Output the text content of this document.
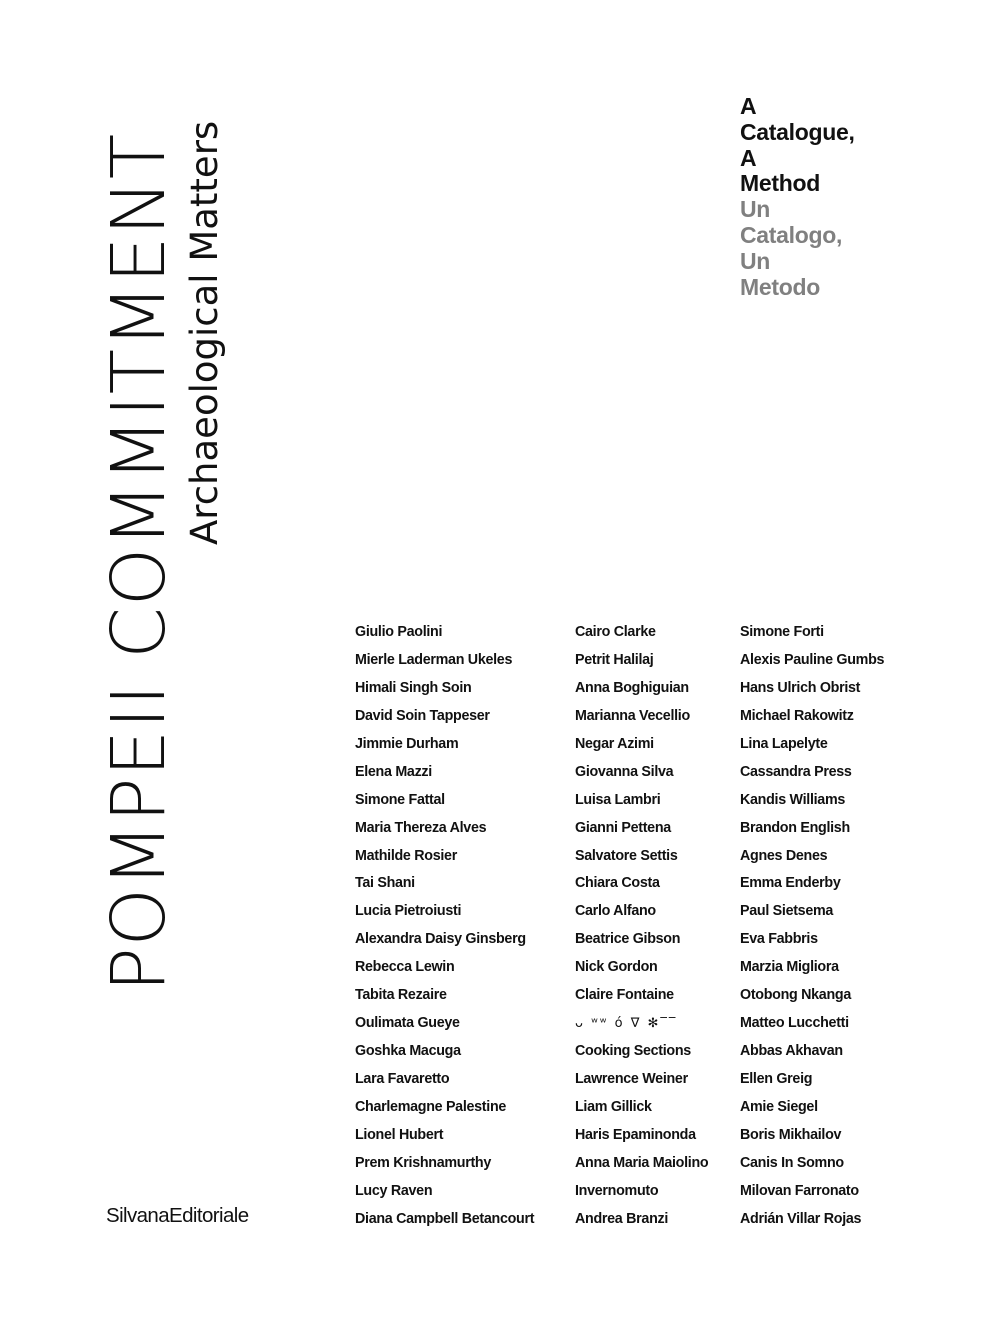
POMPEII COMMITMENT Archaeological Matters
A
Catalogue,
A
Method
Un
Catalogo,
Un
Metodo
Giulio Paolini
Mierle Laderman Ukeles
Himali Singh Soin
David Soin Tappeser
Jimmie Durham
Elena Mazzi
Simone Fattal
Maria Thereza Alves
Mathilde Rosier
Tai Shani
Lucia Pietroiusti
Alexandra Daisy Ginsberg
Rebecca Lewin
Tabita Rezaire
Oulimata Gueye
Goshka Macuga
Lara Favaretto
Charlemagne Palestine
Lionel Hubert
Prem Krishnamurthy
Lucy Raven
Diana Campbell Betancourt
Cairo Clarke
Petrit Halilaj
Anna Boghiguian
Marianna Vecellio
Negar Azimi
Giovanna Silva
Luisa Lambri
Gianni Pettena
Salvatore Settis
Chiara Costa
Carlo Alfano
Beatrice Gibson
Nick Gordon
Claire Fontaine
ᴗ ʷʷ ό ∇ ✻‾‾
Cooking Sections
Lawrence Weiner
Liam Gillick
Haris Epaminonda
Anna Maria Maiolino
Invernomuto
Andrea Branzi
Simone Forti
Alexis Pauline Gumbs
Hans Ulrich Obrist
Michael Rakowitz
Lina Lapelyte
Cassandra Press
Kandis Williams
Brandon English
Agnes Denes
Emma Enderby
Paul Sietsema
Eva Fabbris
Marzia Migliora
Otobong Nkanga
Matteo Lucchetti
Abbas Akhavan
Ellen Greig
Amie Siegel
Boris Mikhailov
Canis In Somno
Milovan Farronato
Adrián Villar Rojas
SilvanaEditoriale
